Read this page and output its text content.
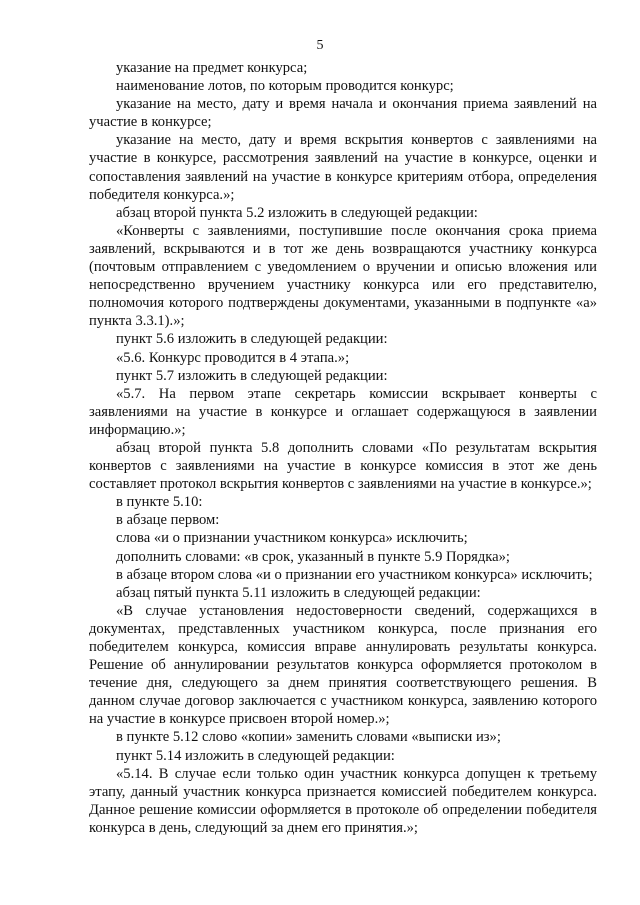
5

указание на предмет конкурса;

наименование лотов, по которым проводится конкурс;

указание на место, дату и время начала и окончания приема заявлений на участие в конкурсе;

указание на место, дату и время вскрытия конвертов с заявлениями на участие в конкурсе, рассмотрения заявлений на участие в конкурсе, оценки и сопоставления заявлений на участие в конкурсе критериям отбора, определения победителя конкурса.»;

абзац второй пункта 5.2 изложить в следующей редакции:

«Конверты с заявлениями, поступившие после окончания срока приема заявлений, вскрываются и в тот же день возвращаются участнику конкурса (почтовым отправлением с уведомлением о вручении и описью вложения или непосредственно вручением участнику конкурса или его представителю, полномочия которого подтверждены документами, указанными в подпункте «а» пункта 3.3.1).»;

пункт 5.6 изложить в следующей редакции:

«5.6. Конкурс проводится в 4 этапа.»;

пункт 5.7 изложить в следующей редакции:

«5.7. На первом этапе секретарь комиссии вскрывает конверты с заявлениями на участие в конкурсе и оглашает содержащуюся в заявлении информацию.»;

абзац второй пункта 5.8 дополнить словами «По результатам вскрытия конвертов с заявлениями на участие в конкурсе комиссия в этот же день составляет протокол вскрытия конвертов с заявлениями на участие в конкурсе.»;

в пункте 5.10:

в абзаце первом:

слова «и о признании участником конкурса» исключить;

дополнить словами: «в срок, указанный в пункте 5.9 Порядка»;

в абзаце втором слова «и о признании его участником конкурса» исключить;

абзац пятый пункта 5.11 изложить в следующей редакции:

«В случае установления недостоверности сведений, содержащихся в документах, представленных участником конкурса, после признания его победителем конкурса, комиссия вправе аннулировать результаты конкурса. Решение об аннулировании результатов конкурса оформляется протоколом в течение дня, следующего за днем принятия соответствующего решения. В данном случае договор заключается с участником конкурса, заявлению которого на участие в конкурсе присвоен второй номер.»;

в пункте 5.12 слово «копии» заменить словами «выписки из»;

пункт 5.14 изложить в следующей редакции:

«5.14. В случае если только один участник конкурса допущен к третьему этапу, данный участник конкурса признается комиссией победителем конкурса. Данное решение комиссии оформляется в протоколе об определении победителя конкурса в день, следующий за днем его принятия.»;
